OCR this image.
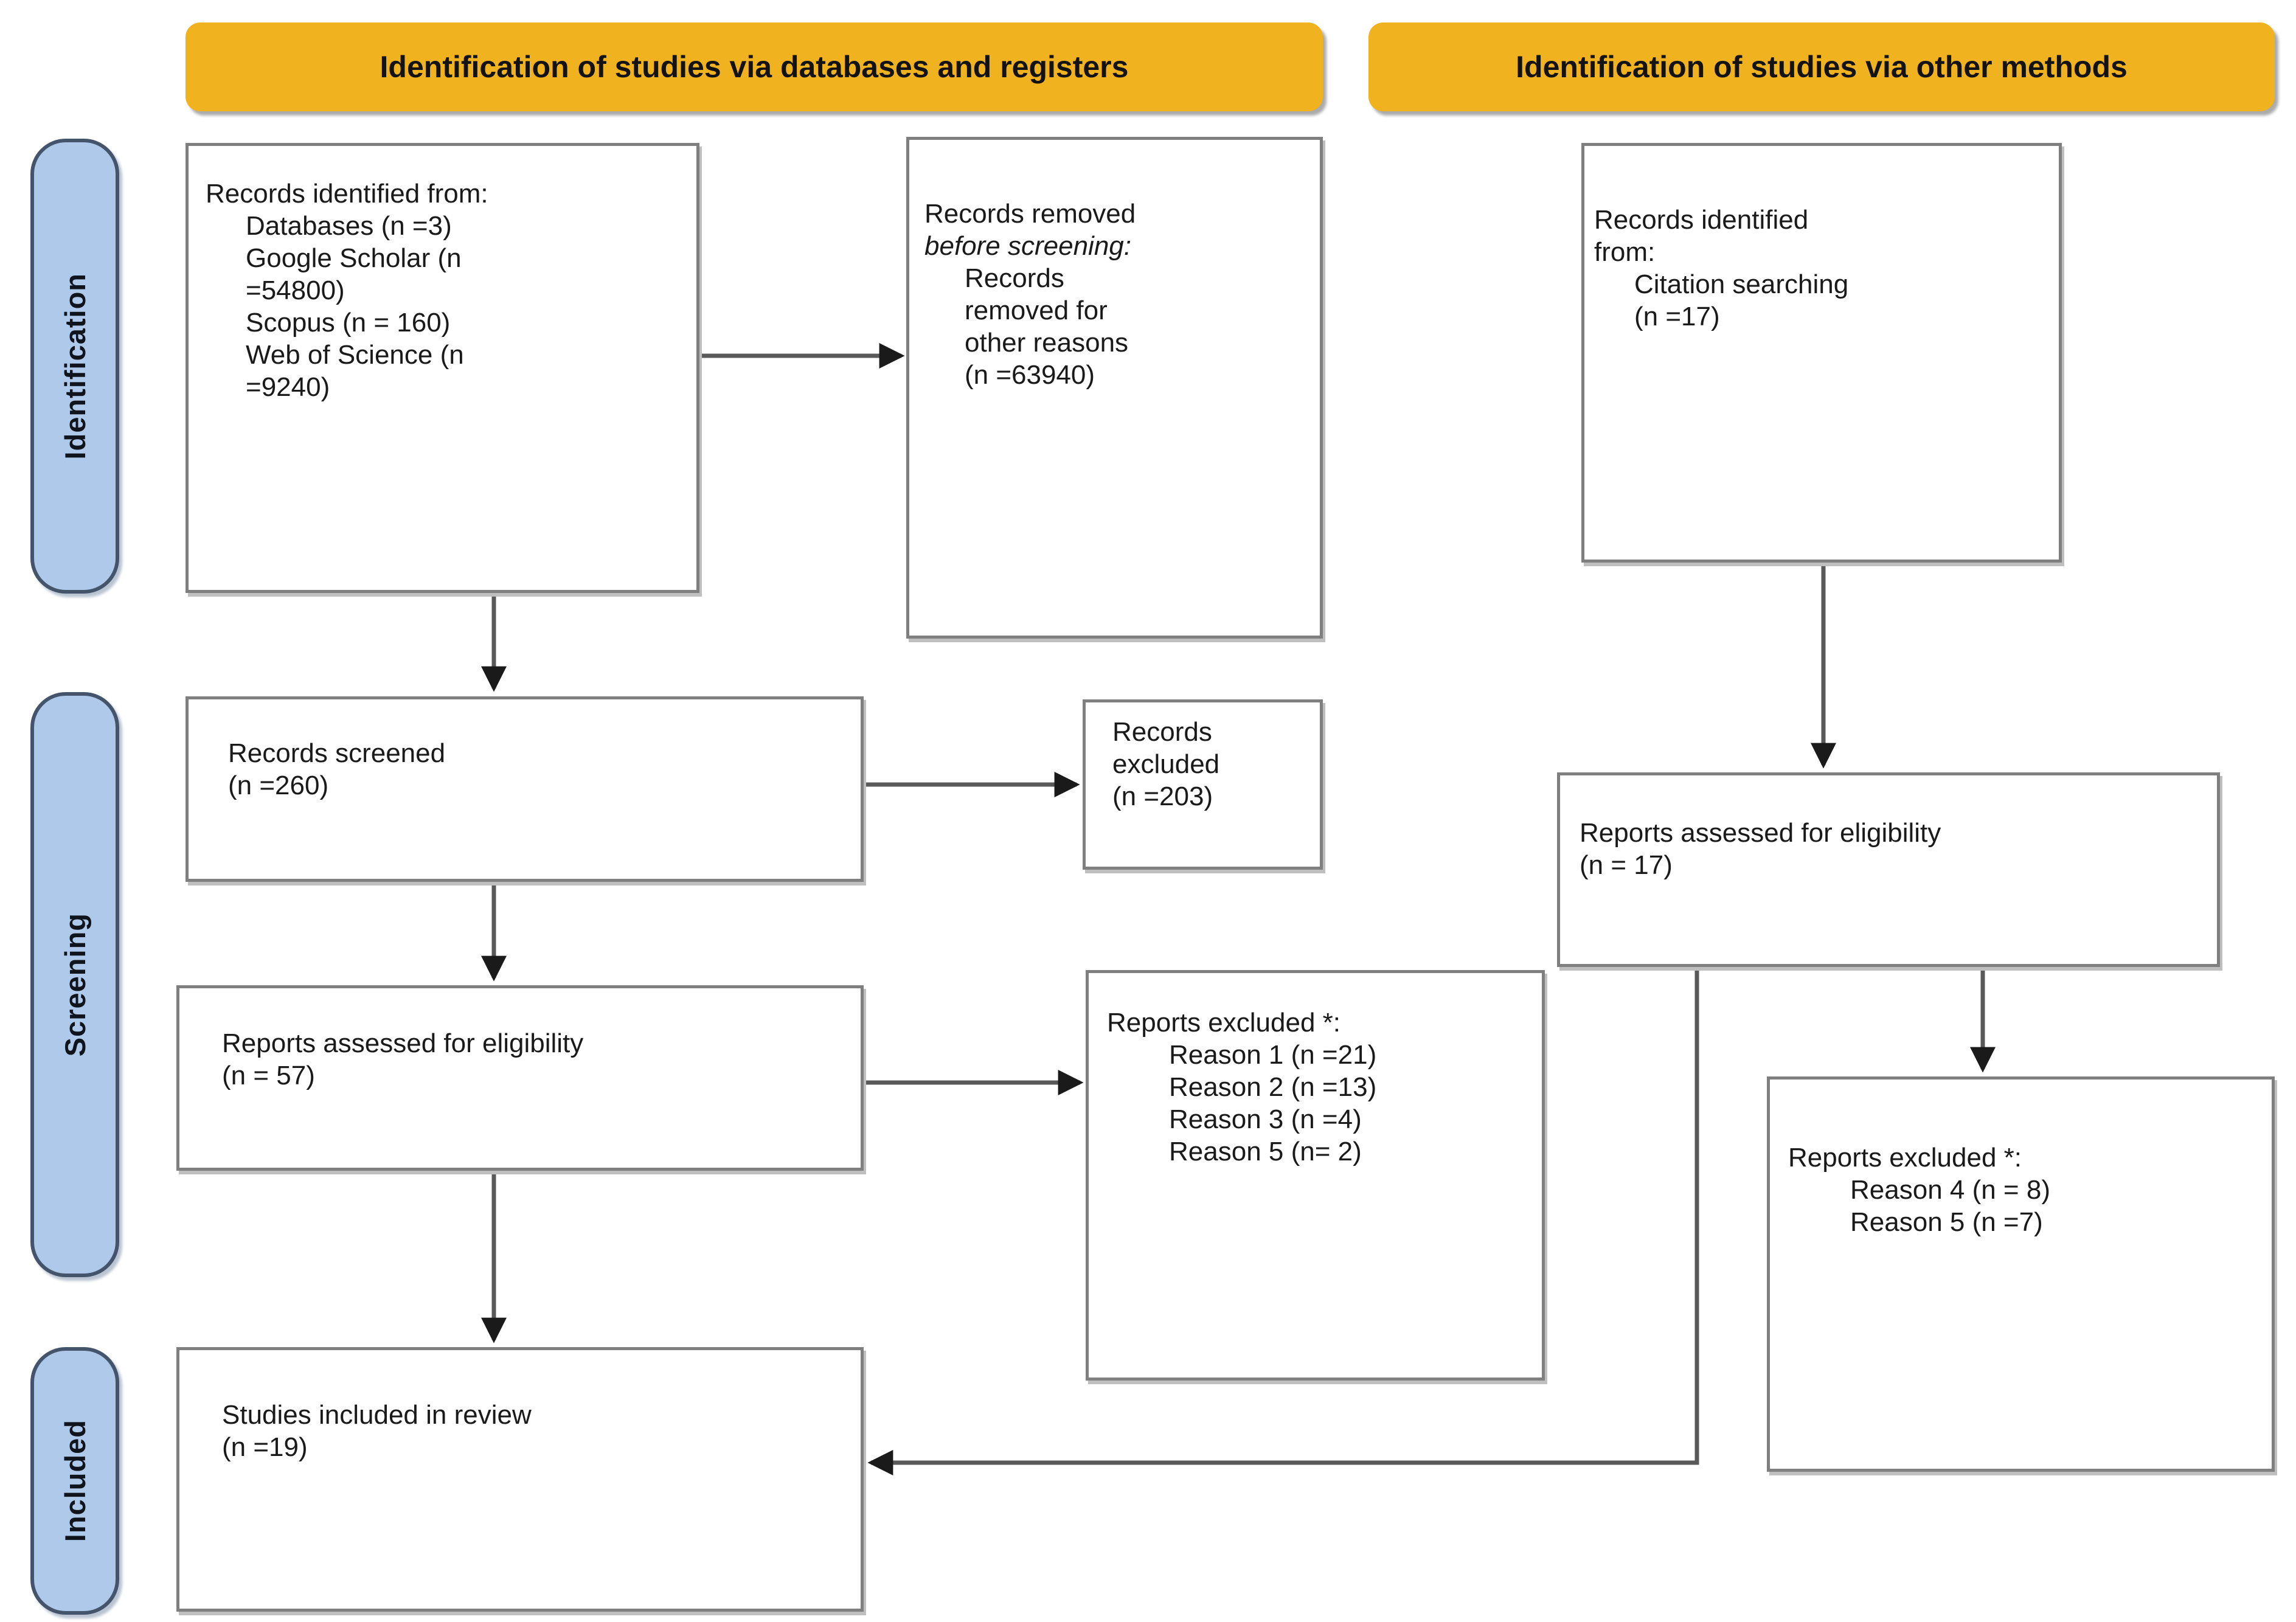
Identification of studies via databases and registers	Identification of studies via other methods
Identification
Screening
Included
Records identified from:
Databases (n =3)
Google Scholar (n
=54800)
Scopus (n = 160)
Web of Science (n
=9240)
Records removed
before screening:
Records
removed for
other reasons
(n =63940)
Records identified
from:
Citation searching
(n =17)
Records screened
(n =260)
Records
excluded
(n =203)
Reports assessed for eligibility
(n = 57)
Reports excluded *:
Reason 1 (n =21)
Reason 2 (n =13)
Reason 3 (n =4)
Reason 5 (n= 2)
Reports assessed for eligibility
(n = 17)
Reports excluded *:
Reason 4 (n = 8)
Reason 5 (n =7)
Studies included in review
(n =19)
